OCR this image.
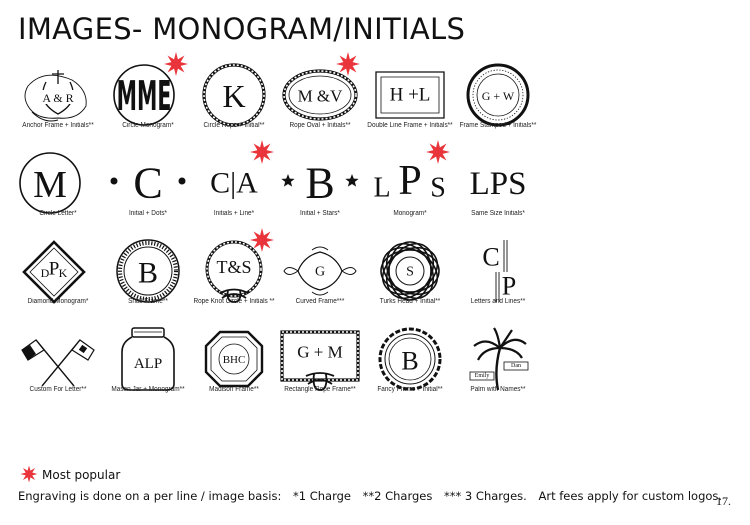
IMAGES- MONOGRAM/INITIALS
A & R
Anchor Frame + Initials**
MME
Circle Monogram*
K
Circle Rope + Initial**
M &V
Rope Oval + Initials**
H +L
Double Line Frame + Initials**
G + W
Frame Stamped + Initials**
M
Circle Letter*
C
Initial + Dots*
C|A
Initials + Line*
B
Initial + Stars*
L P S
Monogram*
LPS
Same Size Initials*
D P K
Diamond Monogram*
B
Snail Frame**
T&S
Rope Knot Circle + Initials **
G
Curved Frame***
S
Turks Head + Initial**
C
P
Letters and Lines**
Custom For Letter**
ALP
Mason Jar + Monogram**
BHC
Madison Frame**
G + M
Rectangle Rope Frame**
B
Fancy Frame + Initial**
Dan
Emily
Palm with Names**
Most popular
Engraving is done on a per line / image basis: *1 Charge **2 Charges *** 3 Charges. Art fees apply for custom logos.
17.
